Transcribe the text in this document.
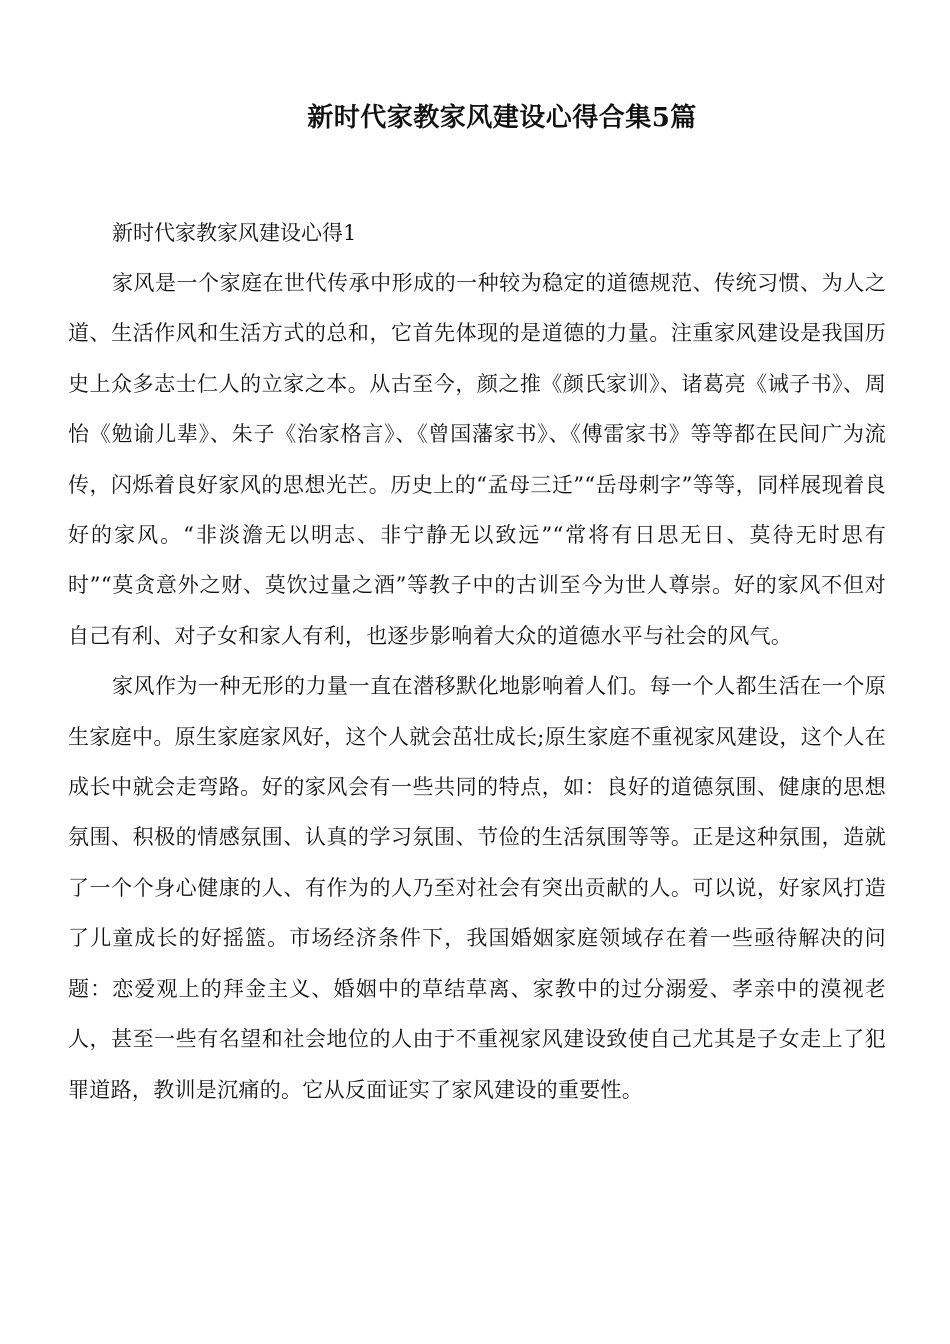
新时代家教家风建设心得合集5篇
新时代家教家风建设心得1

家风是一个家庭在世代传承中形成的一种较为稳定的道德规范、传统习惯、为人之道、生活作风和生活方式的总和，它首先体现的是道德的力量。注重家风建设是我国历史上众多志士仁人的立家之本。从古至今，颜之推《颜氏家训》、诸葛亮《诫子书》、周怡《勉谕儿辈》、朱子《治家格言》、《曾国藩家书》、《傅雷家书》等等都在民间广为流传，闪烁着良好家风的思想光芒。历史上的“孟母三迁”“岳母刺字”等等，同样展现着良好的家风。“非淡澹无以明志、非宁静无以致远”“常将有日思无日、莫待无时思有时”“莫贪意外之财、莫饮过量之酒”等教子中的古训至今为世人尊崇。好的家风不但对自己有利、对子女和家人有利，也逐步影响着大众的道德水平与社会的风气。

家风作为一种无形的力量一直在潜移默化地影响着人们。每一个人都生活在一个原生家庭中。原生家庭家风好，这个人就会茁壮成长;原生家庭不重视家风建设，这个人在成长中就会走弯路。好的家风会有一些共同的特点，如：良好的道德氛围、健康的思想氛围、积极的情感氛围、认真的学习氛围、节俭的生活氛围等等。正是这种氛围，造就了一个个身心健康的人、有作为的人乃至对社会有突出贡献的人。可以说，好家风打造了儿童成长的好摇篮。市场经济条件下，我国婚姻家庭领域存在着一些亟待解决的问题：恋爱观上的拜金主义、婚姻中的草结草离、家教中的过分溺爱、孝亲中的漠视老人，甚至一些有名望和社会地位的人由于不重视家风建设致使自己尤其是子女走上了犯罪道路，教训是沉痛的。它从反面证实了家风建设的重要性。
